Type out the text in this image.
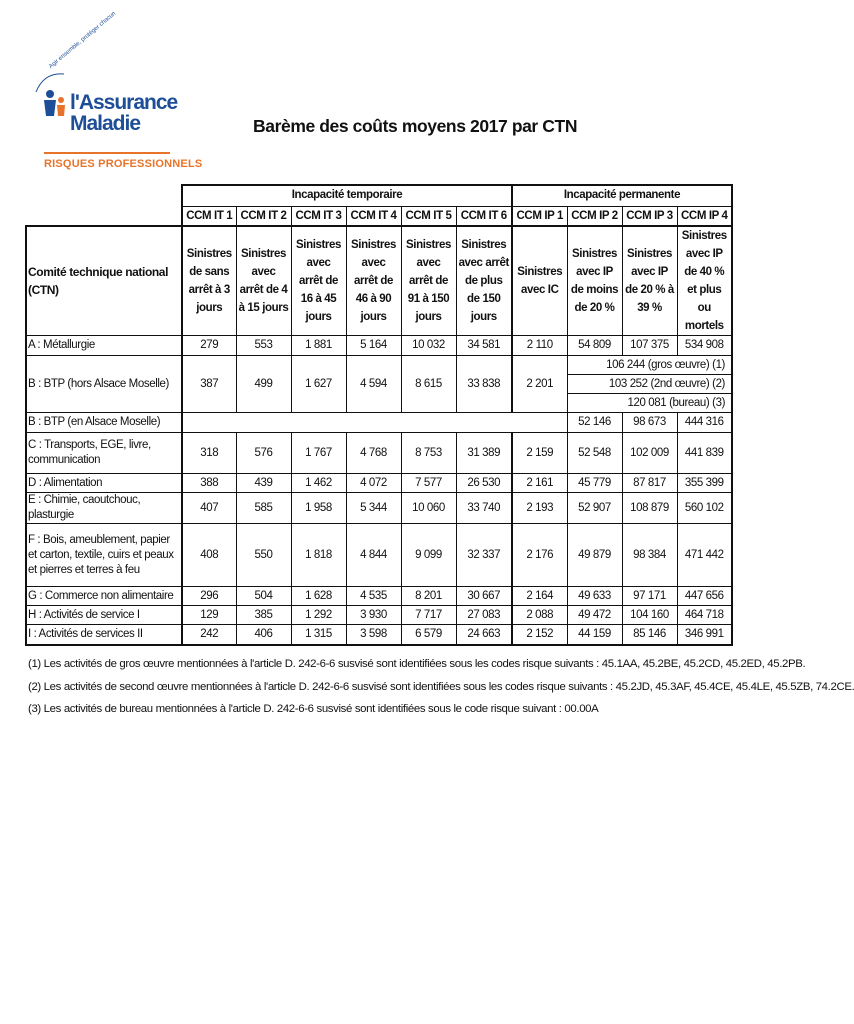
Agir ensemble, protéger chacun
l'Assurance
Maladie
RISQUES PROFESSIONNELS
Barème des coûts moyens 2017 par CTN
	Incapacité temporaire						Incapacité permanente			
	CCM IT 1	CCM IT 2	CCM IT 3	CCM IT 4	CCM IT 5	CCM IT 6	CCM IP 1	CCM IP 2	CCM IP 3	CCM IP 4
Comité technique national (CTN)	Sinistres de sans arrêt à 3 jours	Sinistres avec arrêt de 4 à 15 jours	Sinistres avec arrêt de 16 à 45 jours	Sinistres avec arrêt de 46 à 90 jours	Sinistres avec arrêt de 91 à 150 jours	Sinistres avec arrêt de plus de 150 jours	Sinistres avec IC	Sinistres avec IP de moins de 20 %	Sinistres avec IP de 20 % à 39 %	Sinistres avec IP de 40 % et plus ou mortels
A : Métallurgie	279	553	1 881	5 164	10 032	34 581	2 110	54 809	107 375	534 908
B : BTP (hors Alsace Moselle)	387	499	1 627	4 594	8 615	33 838	2 201	106 244 (gros œuvre) (1)		
								103 252 (2nd œuvre) (2)		
								120 081 (bureau) (3)		
B : BTP (en Alsace Moselle)								52 146	98 673	444 316
C : Transports, EGE, livre, communication	318	576	1 767	4 768	8 753	31 389	2 159	52 548	102 009	441 839
D : Alimentation	388	439	1 462	4 072	7 577	26 530	2 161	45 779	87 817	355 399
E : Chimie, caoutchouc, plasturgie	407	585	1 958	5 344	10 060	33 740	2 193	52 907	108 879	560 102
F : Bois, ameublement, papier et carton, textile, cuirs et peaux et pierres et terres à feu	408	550	1 818	4 844	9 099	32 337	2 176	49 879	98 384	471 442
G : Commerce non alimentaire	296	504	1 628	4 535	8 201	30 667	2 164	49 633	97 171	447 656
H : Activités de service I	129	385	1 292	3 930	7 717	27 083	2 088	49 472	104 160	464 718
I : Activités de services II	242	406	1 315	3 598	6 579	24 663	2 152	44 159	85 146	346 991
(1) Les activités de gros œuvre mentionnées à l'article D. 242-6-6 susvisé sont identifiées sous les codes risque suivants : 45.1AA, 45.2BE, 45.2CD, 45.2ED, 45.2PB.
(2) Les activités de second œuvre mentionnées à l'article D. 242-6-6 susvisé sont identifiées sous les codes risque suivants : 45.2JD, 45.3AF, 45.4CE, 45.4LE, 45.5ZB, 74.2CE.
(3) Les activités de bureau mentionnées à l'article D. 242-6-6 susvisé sont identifiées sous le code risque suivant : 00.00A
